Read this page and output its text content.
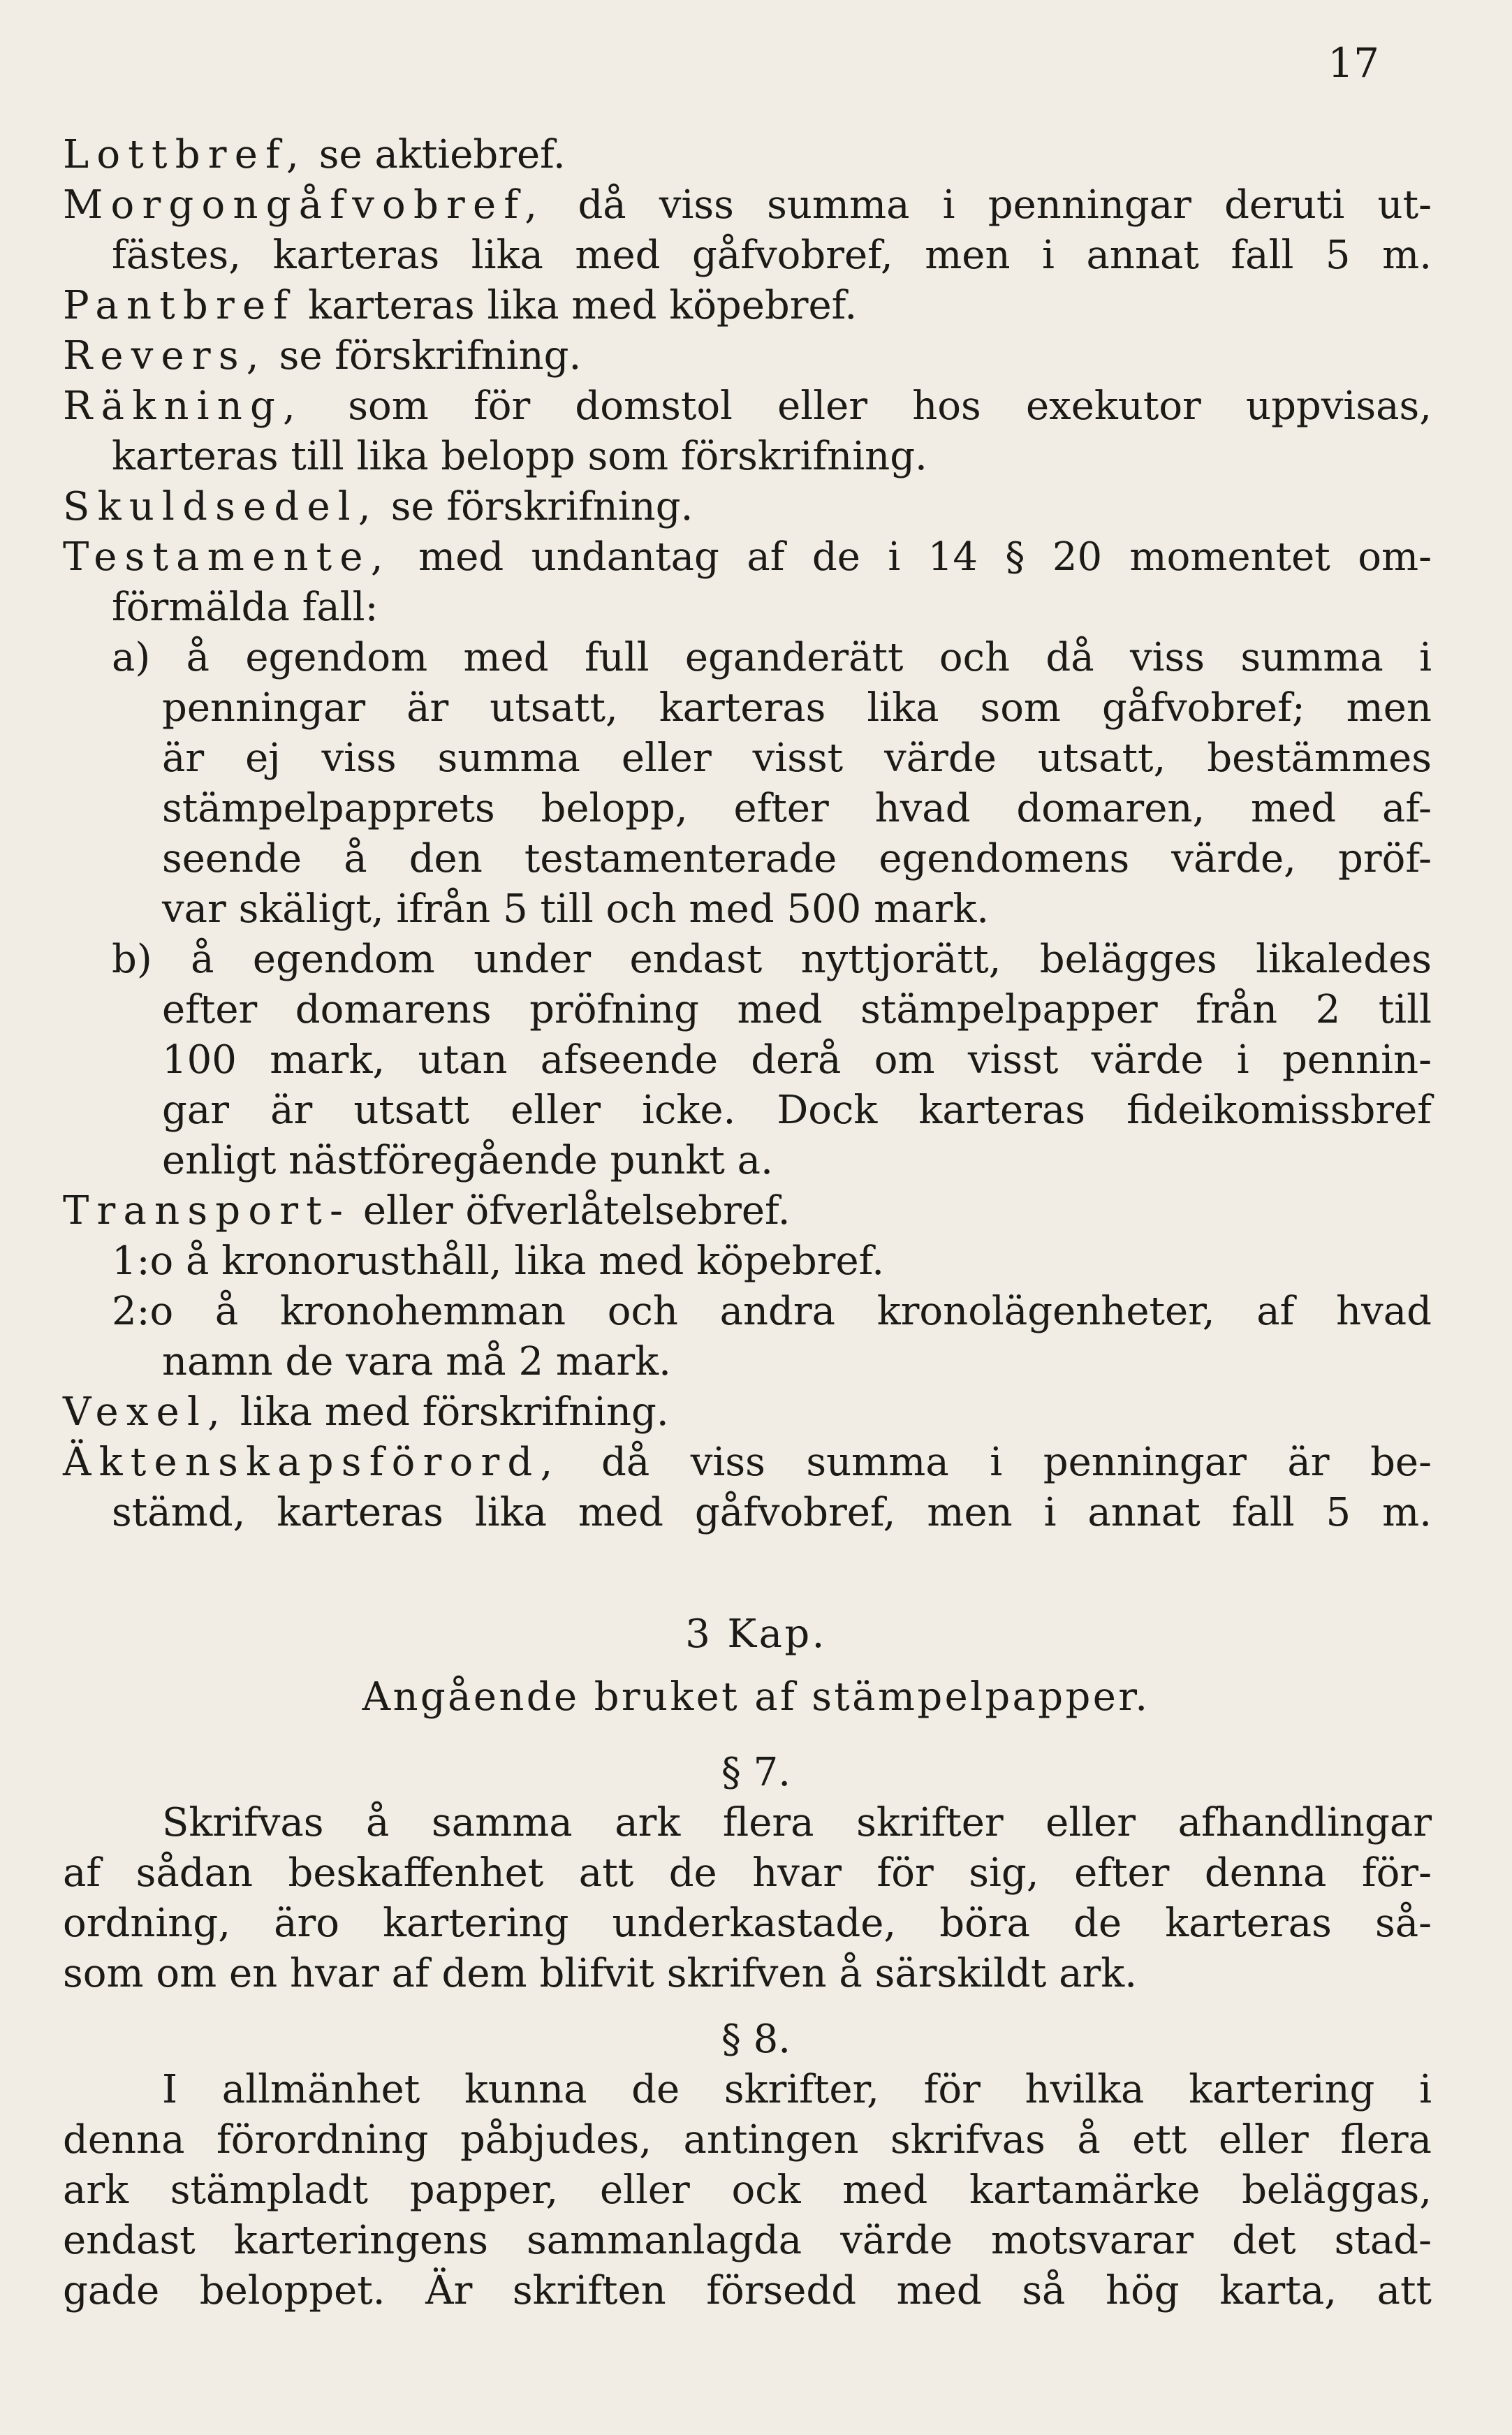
17
Lottbref, se aktiebref.
Morgongåfvobref, då viss summa i penningar deruti ut-
fästes, karteras lika med gåfvobref, men i annat fall 5 m.
Pantbref karteras lika med köpebref.
Revers, se förskrifning.
Räkning, som för domstol eller hos exekutor uppvisas,
karteras till lika belopp som förskrifning.
Skuldsedel, se förskrifning.
Testamente, med undantag af de i 14 § 20 momentet om-
förmälda fall:
a) å egendom med full eganderätt och då viss summa i
penningar är utsatt, karteras lika som gåfvobref; men
är ej viss summa eller visst värde utsatt, bestämmes
stämpelpapprets belopp, efter hvad domaren, med af-
seende å den testamenterade egendomens värde, pröf-
var skäligt, ifrån 5 till och med 500 mark.
b) å egendom under endast nyttjorätt, belägges likaledes
efter domarens pröfning med stämpelpapper från 2 till
100 mark, utan afseende derå om visst värde i pennin-
gar är utsatt eller icke. Dock karteras fideikomissbref
enligt nästföregående punkt a.
Transport- eller öfverlåtelsebref.
1:o å kronorusthåll, lika med köpebref.
2:o å kronohemman och andra kronolägenheter, af hvad
namn de vara må 2 mark.
Vexel, lika med förskrifning.
Äktenskapsförord, då viss summa i penningar är be-
stämd, karteras lika med gåfvobref, men i annat fall 5 m.
3 Kap.
Angående bruket af stämpelpapper.
§ 7.
Skrifvas å samma ark flera skrifter eller afhandlingar
af sådan beskaffenhet att de hvar för sig, efter denna för-
ordning, äro kartering underkastade, böra de karteras så-
som om en hvar af dem blifvit skrifven å särskildt ark.
§ 8.
I allmänhet kunna de skrifter, för hvilka kartering i
denna förordning påbjudes, antingen skrifvas å ett eller flera
ark stämpladt papper, eller ock med kartamärke beläggas,
endast karteringens sammanlagda värde motsvarar det stad-
gade beloppet. Är skriften försedd med så hög karta, att
